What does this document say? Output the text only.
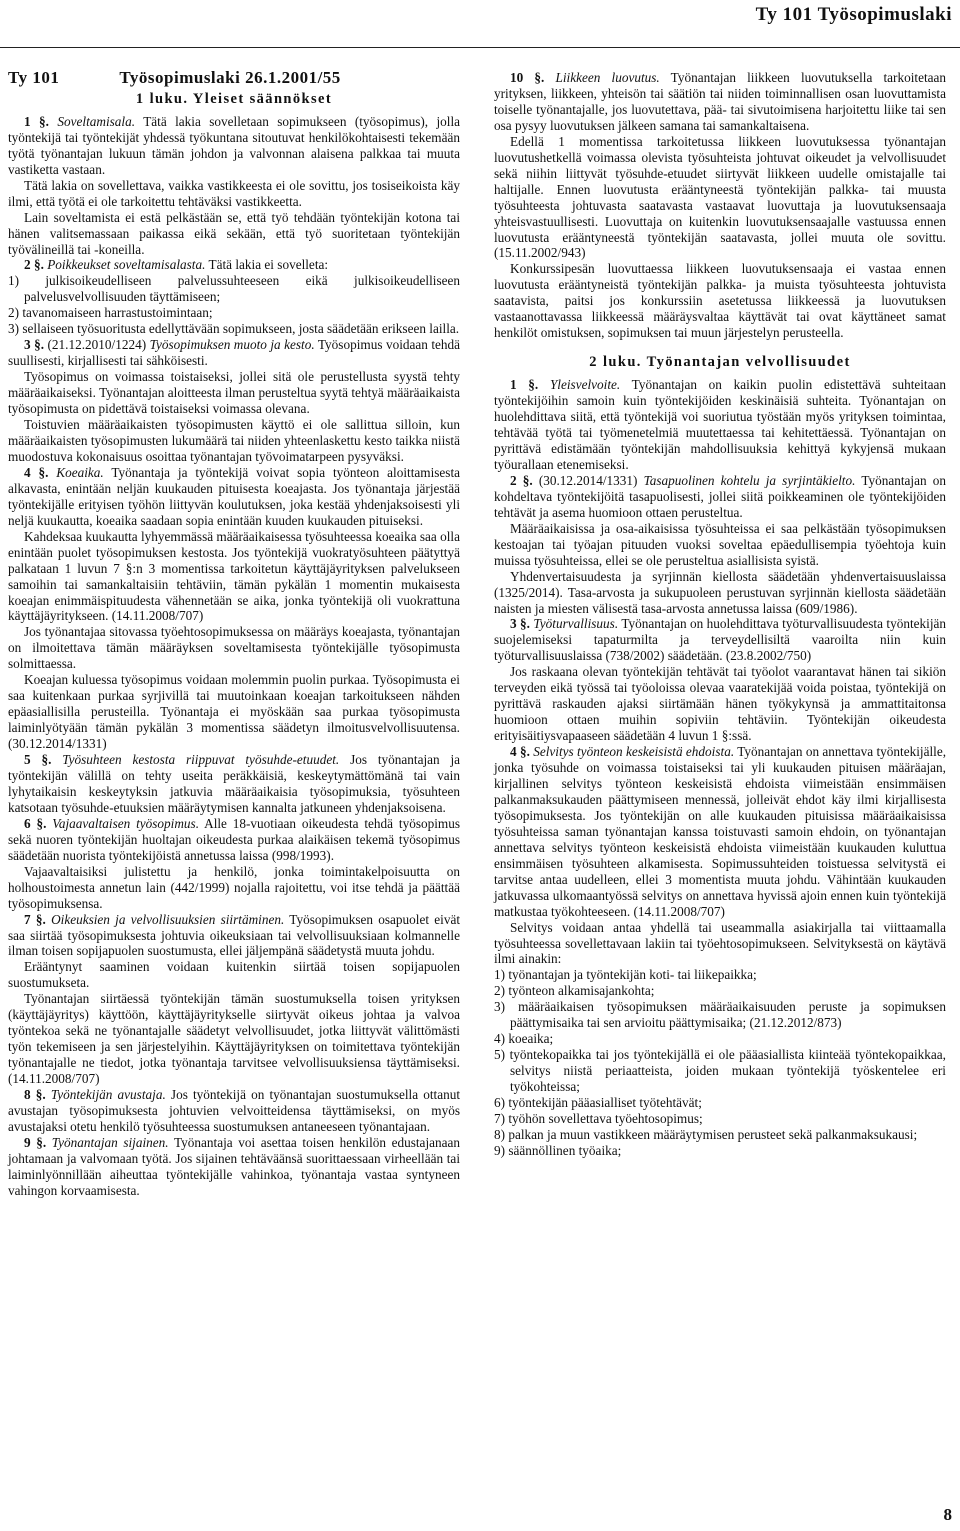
Ty 101 Työsopimuslaki
Ty 101	Työsopimuslaki 26.1.2001/55
1 luku. Yleiset säännökset

1 §. Soveltamisala. Tätä lakia sovelletaan sopimukseen (työsopimus), jolla työntekijä tai työntekijät yhdessä työkuntana sitoutuvat henkilökohtaisesti tekemään työtä työnantajan lukuun tämän johdon ja valvonnan alaisena palkkaa tai muuta vastiketta vastaan.

Tätä lakia on sovellettava, vaikka vastikkeesta ei ole sovittu, jos tosiseikoista käy ilmi, että työtä ei ole tarkoitettu tehtäväksi vastikkeetta.

Lain soveltamista ei estä pelkästään se, että työ tehdään työntekijän kotona tai hänen valitsemassaan paikassa eikä sekään, että työ suoritetaan työntekijän työvälineillä tai -koneilla.

2 §. Poikkeukset soveltamisalasta. Tätä lakia ei sovelleta:

1) julkisoikeudelliseen palvelussuhteeseen eikä julkisoikeudelliseen palvelusvelvollisuuden täyttämiseen;

2) tavanomaiseen harrastustoimintaan;

3) sellaiseen työsuoritusta edellyttävään sopimukseen, josta säädetään erikseen lailla.

3 §. (21.12.2010/1224) Työsopimuksen muoto ja kesto. Työsopimus voidaan tehdä suullisesti, kirjallisesti tai sähköisesti.

Työsopimus on voimassa toistaiseksi, jollei sitä ole perustellusta syystä tehty määräaikaiseksi. Työnantajan aloitteesta ilman perusteltua syytä tehtyä määräaikaista työsopimusta on pidettävä toistaiseksi voimassa olevana.

Toistuvien määräaikaisten työsopimusten käyttö ei ole sallittua silloin, kun määräaikaisten työsopimusten lukumäärä tai niiden yhteenlaskettu kesto taikka niistä muodostuva kokonaisuus osoittaa työnantajan työvoimatarpeen pysyväksi.

4 §. Koeaika. Työnantaja ja työntekijä voivat sopia työnteon aloittamisesta alkavasta, enintään neljän kuukauden pituisesta koeajasta. Jos työnantaja järjestää työntekijälle erityisen työhön liittyvän koulutuksen, joka kestää yhdenjaksoisesti yli neljä kuukautta, koeaika saadaan sopia enintään kuuden kuukauden pituiseksi.

Kahdeksaa kuukautta lyhyemmässä määräaikaisessa työsuhteessa koeaika saa olla enintään puolet työsopimuksen kestosta. Jos työntekijä vuokratyösuhteen päätyttyä palkataan 1 luvun 7 §:n 3 momentissa tarkoitetun käyttäjäyrityksen palvelukseen samoihin tai samankaltaisiin tehtäviin, tämän pykälän 1 momentin mukaisesta koeajan enimmäispituudesta vähennetään se aika, jonka työntekijä oli vuokrattuna käyttäjäyritykseen. (14.11.2008/707)

Jos työnantajaa sitovassa työehtosopimuksessa on määräys koeajasta, työnantajan on ilmoitettava tämän määräyksen soveltamisesta työntekijälle työsopimusta solmittaessa.

Koeajan kuluessa työsopimus voidaan molemmin puolin purkaa. Työsopimusta ei saa kuitenkaan purkaa syrjivillä tai muutoinkaan koeajan tarkoitukseen nähden epäasiallisilla perusteilla. Työnantaja ei myöskään saa purkaa työsopimusta laiminlyötyään tämän pykälän 3 momentissa säädetyn ilmoitusvelvollisuutensa. (30.12.2014/1331)

5 §. Työsuhteen kestosta riippuvat työsuhde-etuudet. Jos työnantajan ja työntekijän välillä on tehty useita peräkkäisiä, keskeytymättömänä tai vain lyhytaikaisin keskeytyksin jatkuvia määräaikaisia työsopimuksia, työsuhteen katsotaan työsuhde-etuuksien määräytymisen kannalta jatkuneen yhdenjaksoisena.

6 §. Vajaavaltaisen työsopimus. Alle 18-vuotiaan oikeudesta tehdä työsopimus sekä nuoren työntekijän huoltajan oikeudesta purkaa alaikäisen tekemä työsopimus säädetään nuorista työntekijöistä annetussa laissa (998/1993).

Vajaavaltaisiksi julistettu ja henkilö, jonka toimintakelpoisuutta on holhoustoimesta annetun lain (442/1999) nojalla rajoitettu, voi itse tehdä ja päättää työsopimuksensa.

7 §. Oikeuksien ja velvollisuuksien siirtäminen. Työsopimuksen osapuolet eivät saa siirtää työsopimuksesta johtuvia oikeuksiaan tai velvollisuuksiaan kolmannelle ilman toisen sopijapuolen suostumusta, ellei jäljempänä säädetystä muuta johdu.

Erääntynyt saaminen voidaan kuitenkin siirtää toisen sopijapuolen suostumukseta.

Työnantajan siirtäessä työntekijän tämän suostumuksella toisen yrityksen (käyttäjäyritys) käyttöön, käyttäjäyritykselle siirtyvät oikeus johtaa ja valvoa työntekoa sekä ne työnantajalle säädetyt velvollisuudet, jotka liittyvät välittömästi työn tekemiseen ja sen järjestelyihin. Käyttäjäyrityksen on toimitettava työntekijän työnantajalle ne tiedot, jotka työnantaja tarvitsee velvollisuuksiensa täyttämiseksi. (14.11.2008/707)

8 §. Työntekijän avustaja. Jos työntekijä on työnantajan suostumuksella ottanut avustajan työsopimuksesta johtuvien velvoitteidensa täyttämiseksi, on myös avustajaksi otetu henkilö työsuhteessa suostumuksen antaneeseen työnantajaan.

9 §. Työnantajan sijainen. Työnantaja voi asettaa toisen henkilön edustajanaan johtamaan ja valvomaan työtä. Jos sijainen tehtäväänsä suorittaessaan virheellään tai laiminlyönnillään aiheuttaa työntekijälle vahinkoa, työnantaja vastaa syntyneen vahingon korvaamisesta.

10 §. Liikkeen luovutus. Työnantajan liikkeen luovutuksella tarkoitetaan yrityksen, liikkeen, yhteisön tai säätiön tai niiden toiminnallisen osan luovuttamista toiselle työnantajalle, jos luovutettava, pää- tai sivutoimisena harjoitettu liike tai sen osa pysyy luovutuksen jälkeen samana tai samankaltaisena.

Edellä 1 momentissa tarkoitetussa liikkeen luovutuksessa työnantajan luovutushetkellä voimassa olevista työsuhteista johtuvat oikeudet ja velvollisuudet sekä niihin liittyvät työsuhde-etuudet siirtyvät liikkeen uudelle omistajalle tai haltijalle. Ennen luovutusta erääntyneestä työntekijän palkka- tai muusta työsuhteesta johtuvasta saatavasta vastaavat luovuttaja ja luovutuksensaaja yhteisvastuullisesti. Luovuttaja on kuitenkin luovutuksensaajalle vastuussa ennen luovutusta erääntyneestä työntekijän saatavasta, jollei muuta ole sovittu. (15.11.2002/943)

Konkurssipesän luovuttaessa liikkeen luovutuksensaaja ei vastaa ennen luovutusta erääntyneistä työntekijän palkka- ja muista työsuhteesta johtuvista saatavista, paitsi jos konkurssiin asetetussa liikkeessä ja luovutuksen vastaanottavassa liikkeessä määräysvaltaa käyttävät tai ovat käyttäneet samat henkilöt omistuksen, sopimuksen tai muun järjestelyn perusteella.

2 luku. Työnantajan velvollisuudet

1 §. Yleisvelvoite. Työnantajan on kaikin puolin edistettävä suhteitaan työntekijöihin samoin kuin työntekijöiden keskinäisiä suhteita. Työnantajan on huolehdittava siitä, että työntekijä voi suoriutua työstään myös yrityksen toimintaa, tehtävää työtä tai työmenetelmiä muutettaessa tai kehitettäessä. Työnantajan on pyrittävä edistämään työntekijän mahdollisuuksia kehittyä kykyjensä mukaan työurallaan etenemiseksi.

2 §. (30.12.2014/1331) Tasapuolinen kohtelu ja syrjintäkielto. Työnantajan on kohdeltava työntekijöitä tasapuolisesti, jollei siitä poikkeaminen ole työntekijöiden tehtävät ja asema huomioon ottaen perusteltua.

Määräaikaisissa ja osa-aikaisissa työsuhteissa ei saa pelkästään työsopimuksen kestoajan tai työajan pituuden vuoksi soveltaa epäedullisempia työehtoja kuin muissa työsuhteissa, ellei se ole perusteltua asiallisista syistä.

Yhdenvertaisuudesta ja syrjinnän kiellosta säädetään yhdenvertaisuuslaissa (1325/2014). Tasa-arvosta ja sukupuoleen perustuvan syrjinnän kiellosta säädetään naisten ja miesten välisestä tasa-arvosta annetussa laissa (609/1986).

3 §. Työturvallisuus. Työnantajan on huolehdittava työturvallisuudesta työntekijän suojelemiseksi tapaturmilta ja terveydellisiltä vaaroilta niin kuin työturvallisuuslaissa (738/2002) säädetään. (23.8.2002/750)

Jos raskaana olevan työntekijän tehtävät tai työolot vaarantavat hänen tai sikiön terveyden eikä työssä tai työoloissa olevaa vaaratekijää voida poistaa, työntekijä on pyrittävä raskauden ajaksi siirtämään hänen työkykynsä ja ammattitaitonsa huomioon ottaen muihin sopiviin tehtäviin. Työntekijän oikeudesta erityisäitiysvapaaseen säädetään 4 luvun 1 §:ssä.

4 §. Selvitys työnteon keskeisistä ehdoista. Työnantajan on annettava työntekijälle, jonka työsuhde on voimassa toistaiseksi tai yli kuukauden pituisen määräajan, kirjallinen selvitys työnteon keskeisistä ehdoista viimeistään ensimmäisen palkanmaksukauden päättymiseen mennessä, jolleivät ehdot käy ilmi kirjallisesta työsopimuksesta. Jos työntekijän on alle kuukauden pituisissa määräaikaisissa työsuhteissa saman työnantajan kanssa toistuvasti samoin ehdoin, on työnantajan annettava selvitys työnteon keskeisistä ehdoista viimeistään kuukauden kuluttua ensimmäisen työsuhteen alkamisesta. Sopimussuhteiden toistuessa selvitystä ei tarvitse antaa uudelleen, ellei 3 momentista muuta johdu. Vähintään kuukauden jatkuvassa ulkomaantyössä selvitys on annettava hyvissä ajoin ennen kuin työntekijä matkustaa työkohteeseen. (14.11.2008/707)

Selvitys voidaan antaa yhdellä tai useammalla asiakirjalla tai viittaamalla työsuhteessa sovellettavaan lakiin tai työehtosopimukseen. Selvityksestä on käytävä ilmi ainakin:

1) työnantajan ja työntekijän koti- tai liikepaikka;

2) työnteon alkamisajankohta;

3) määräaikaisen työsopimuksen määräaikaisuuden peruste ja sopimuksen päättymisaika tai sen arvioitu päättymisaika; (21.12.2012/873)

4) koeaika;

5) työntekopaikka tai jos työntekijällä ei ole pääasiallista kiinteää työntekopaikkaa, selvitys niistä periaatteista, joiden mukaan työntekijä työskentelee eri työkohteissa;

6) työntekijän pääasialliset työtehtävät;

7) työhön sovellettava työehtosopimus;

8) palkan ja muun vastikkeen määräytymisen perusteet sekä palkanmaksukausi;

9) säännöllinen työaika;

8
